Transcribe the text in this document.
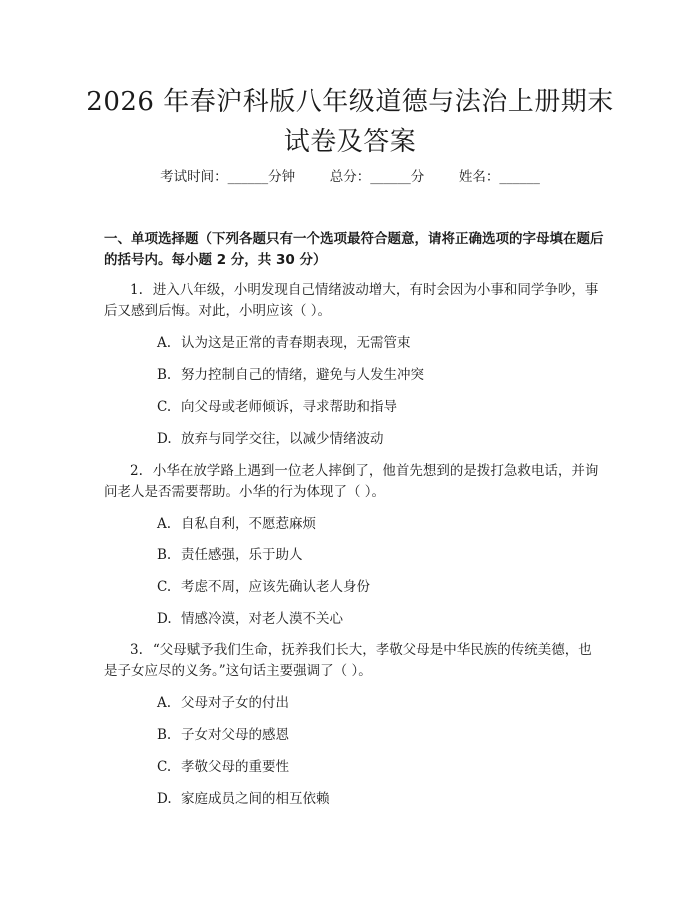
2026 年春沪科版八年级道德与法治上册期末试卷及答案
考试时间：______分钟	总分：______分	姓名：______
一、单项选择题（下列各题只有一个选项最符合题意，请将正确选项的字母填在题后的括号内。每小题 2 分，共 30 分）
1. 进入八年级，小明发现自己情绪波动增大，有时会因为小事和同学争吵，事后又感到后悔。对此，小明应该（ ）。
A. 认为这是正常的青春期表现，无需管束
B. 努力控制自己的情绪，避免与人发生冲突
C. 向父母或老师倾诉，寻求帮助和指导
D. 放弃与同学交往，以减少情绪波动
2. 小华在放学路上遇到一位老人摔倒了，他首先想到的是拨打急救电话，并询问老人是否需要帮助。小华的行为体现了（ ）。
A. 自私自利，不愿惹麻烦
B. 责任感强，乐于助人
C. 考虑不周，应该先确认老人身份
D. 情感冷漠，对老人漠不关心
3. “父母赋予我们生命，抚养我们长大，孝敬父母是中华民族的传统美德，也是子女应尽的义务。”这句话主要强调了（ ）。
A. 父母对子女的付出
B. 子女对父母的感恩
C. 孝敬父母的重要性
D. 家庭成员之间的相互依赖
